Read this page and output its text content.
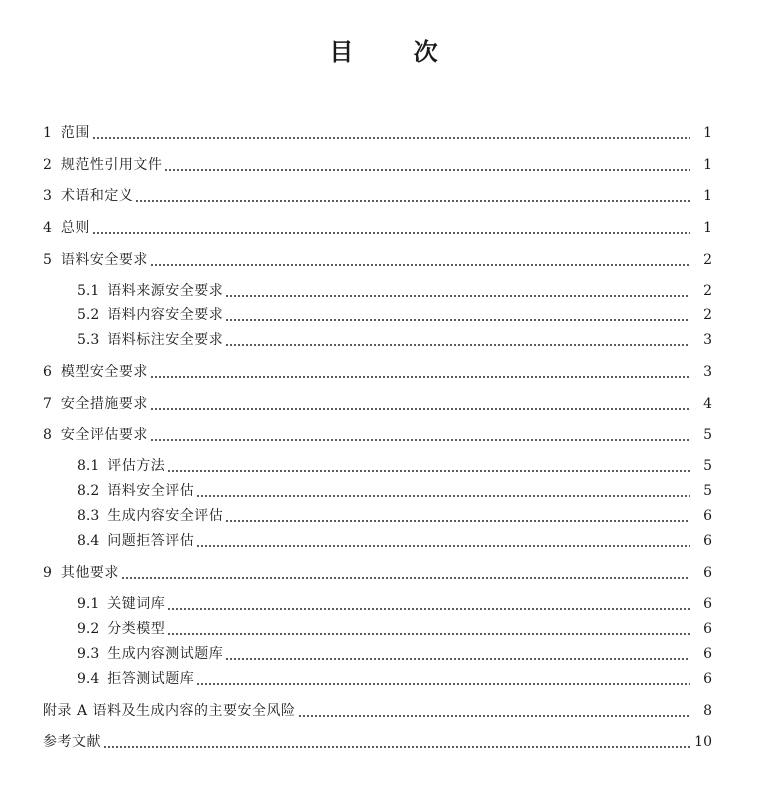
目 次
1 范围	1
2 规范性引用文件	1
3 术语和定义	1
4 总则	1
5 语料安全要求	2
5.1 语料来源安全要求	2
5.2 语料内容安全要求	2
5.3 语料标注安全要求	3
6 模型安全要求	3
7 安全措施要求	4
8 安全评估要求	5
8.1 评估方法	5
8.2 语料安全评估	5
8.3 生成内容安全评估	6
8.4 问题拒答评估	6
9 其他要求	6
9.1 关键词库	6
9.2 分类模型	6
9.3 生成内容测试题库	6
9.4 拒答测试题库	6
附录 A 语料及生成内容的主要安全风险	8
参考文献	10
